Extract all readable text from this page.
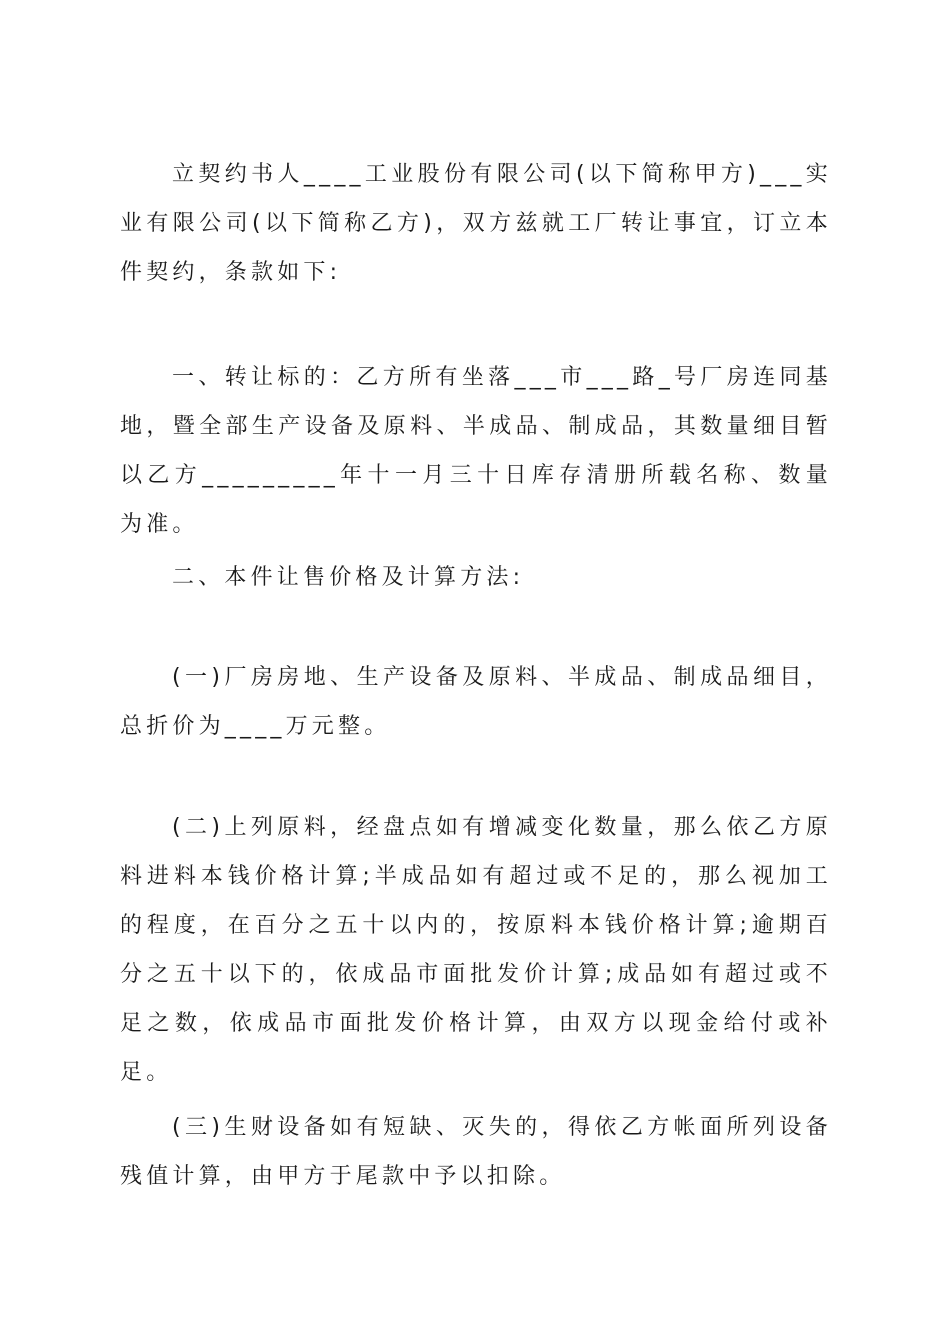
立契约书人____工业股份有限公司(以下简称甲方)___实业有限公司(以下简称乙方)，双方兹就工厂转让事宜，订立本件契约，条款如下:

一、转让标的：乙方所有坐落___市___路_号厂房连同基地，暨全部生产设备及原料、半成品、制成品，其数量细目暂以乙方_________年十一月三十日库存清册所载名称、数量为准。

二、本件让售价格及计算方法:

(一)厂房房地、生产设备及原料、半成品、制成品细目，总折价为____万元整。

(二)上列原料，经盘点如有增减变化数量，那么依乙方原料进料本钱价格计算;半成品如有超过或不足的，那么视加工的程度，在百分之五十以内的，按原料本钱价格计算;逾期百分之五十以下的，依成品市面批发价计算;成品如有超过或不足之数，依成品市面批发价格计算，由双方以现金给付或补足。

(三)生财设备如有短缺、灭失的，得依乙方帐面所列设备残值计算，由甲方于尾款中予以扣除。
